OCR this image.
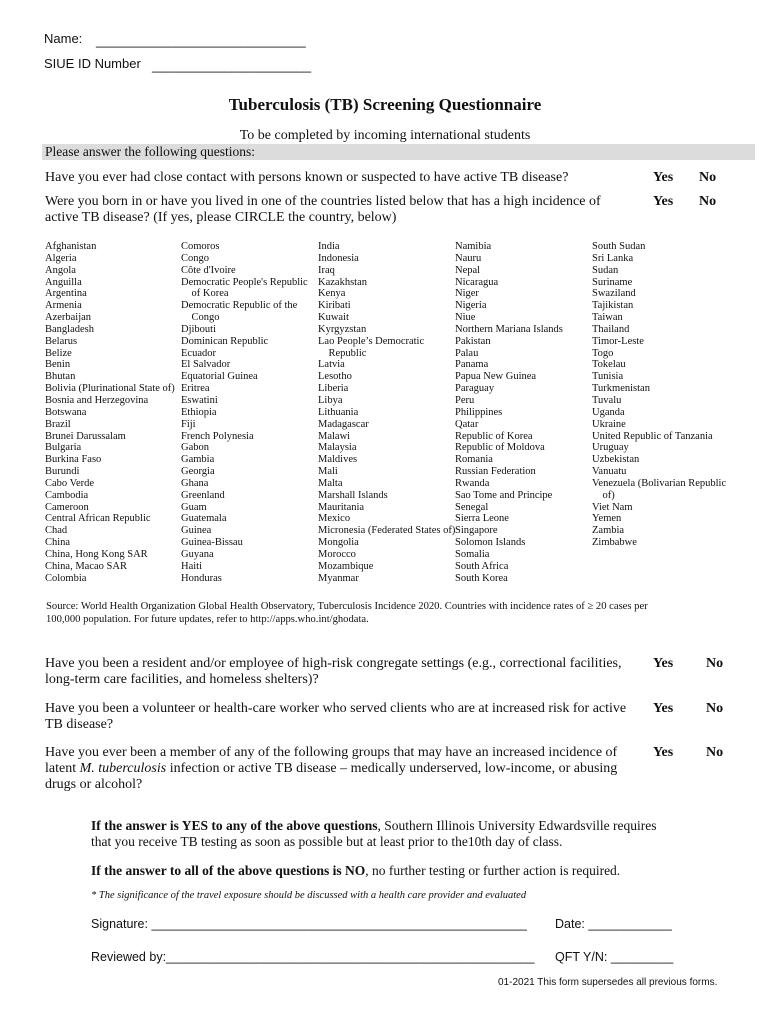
Name: _____________________________
SIUE ID Number ______________________
Tuberculosis (TB) Screening Questionnaire
To be completed by incoming international students
Please answer the following questions:
Have you ever had close contact with persons known or suspected to have active TB disease?	Yes No
Were you born in or have you lived in one of the countries listed below that has a high incidence of
active TB disease? (If yes, please CIRCLE the country, below)
Yes No
Afghanistan
Algeria
Angola
Anguilla
Argentina
Armenia
Azerbaijan
Bangladesh
Belarus
Belize
Benin
Bhutan
Bolivia (Plurinational State of)
Bosnia and Herzegovina
Botswana
Brazil
Brunei Darussalam
Bulgaria
Burkina Faso
Burundi
Cabo Verde
Cambodia
Cameroon
Central African Republic
Chad
China
China, Hong Kong SAR
China, Macao SAR
Colombia
Comoros
Congo
Côte d'Ivoire
Democratic People's Republic
of Korea
Democratic Republic of the
Congo
Djibouti
Dominican Republic
Ecuador
El Salvador
Equatorial Guinea
Eritrea
Eswatini
Ethiopia
Fiji
French Polynesia
Gabon
Gambia
Georgia
Ghana
Greenland
Guam
Guatemala
Guinea
Guinea-Bissau
Guyana
Haiti
Honduras
India
Indonesia
Iraq
Kazakhstan
Kenya
Kiribati
Kuwait
Kyrgyzstan
Lao People’s Democratic
Republic
Latvia
Lesotho
Liberia
Libya
Lithuania
Madagascar
Malawi
Malaysia
Maldives
Mali
Malta
Marshall Islands
Mauritania
Mexico
Micronesia (Federated States of)
Mongolia
Morocco
Mozambique
Myanmar
Namibia
Nauru
Nepal
Nicaragua
Niger
Nigeria
Niue
Northern Mariana Islands
Pakistan
Palau
Panama
Papua New Guinea
Paraguay
Peru
Philippines
Qatar
Republic of Korea
Republic of Moldova
Romania
Russian Federation
Rwanda
Sao Tome and Principe
Senegal
Sierra Leone
Singapore
Solomon Islands
Somalia
South Africa
South Korea
South Sudan
Sri Lanka
Sudan
Suriname
Swaziland
Tajikistan
Taiwan
Thailand
Timor-Leste
Togo
Tokelau
Tunisia
Turkmenistan
Tuvalu
Uganda
Ukraine
United Republic of Tanzania
Uruguay
Uzbekistan
Vanuatu
Venezuela (Bolivarian Republic
of)
Viet Nam
Yemen
Zambia
Zimbabwe
Source: World Health Organization Global Health Observatory, Tuberculosis Incidence 2020. Countries with incidence rates of ≥ 20 cases per
100,000 population. For future updates, refer to http://apps.who.int/ghodata.
Have you been a resident and/or employee of high-risk congregate settings (e.g., correctional facilities,
long-term care facilities, and homeless shelters)?
Yes No
Have you been a volunteer or health-care worker who served clients who are at increased risk for active
TB disease?
Yes No
Have you ever been a member of any of the following groups that may have an increased incidence of
latent M. tuberculosis infection or active TB disease – medically underserved, low-income, or abusing
drugs or alcohol?
Yes No
If the answer is YES to any of the above questions, Southern Illinois University Edwardsville requires
that you receive TB testing as soon as possible but at least prior to the10th day of class.
If the answer to all of the above questions is NO, no further testing or further action is required.
* The significance of the travel exposure should be discussed with a health care provider and evaluated
Signature: ______________________________________________________ Date: ____________
Reviewed by:_____________________________________________________ QFT Y/N: _________
01-2021 This form supersedes all previous forms.
